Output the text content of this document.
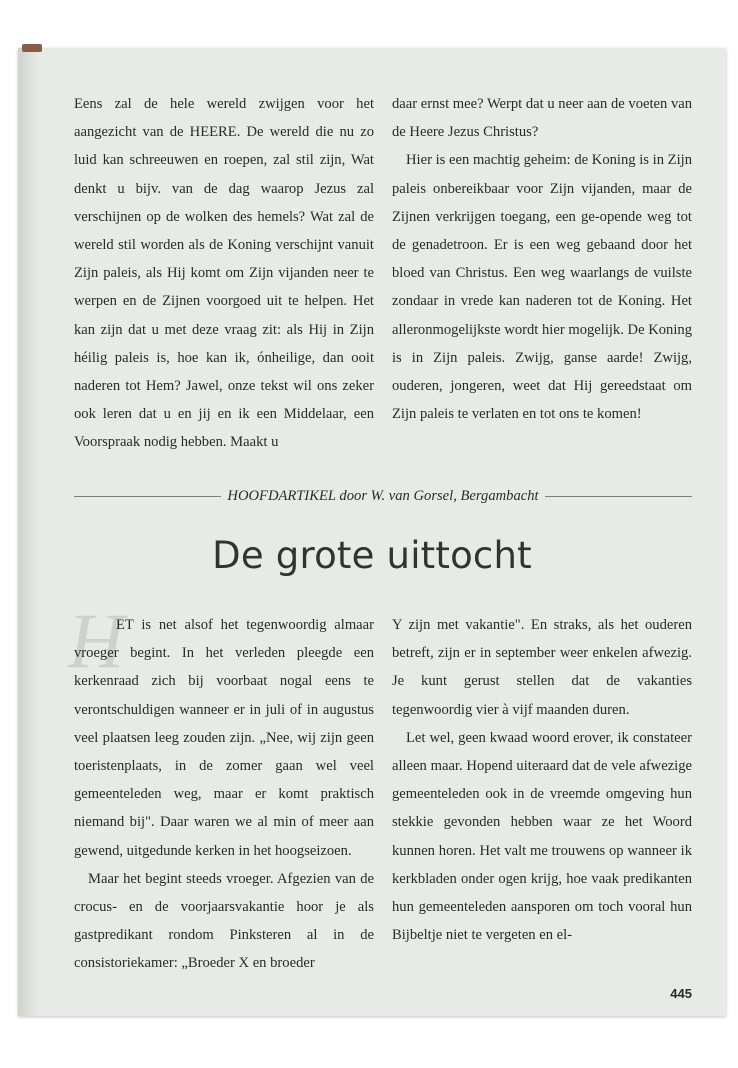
Eens zal de hele wereld zwijgen voor het aangezicht van de HEERE. De wereld die nu zo luid kan schreeuwen en roepen, zal stil zijn, Wat denkt u bijv. van de dag waarop Jezus zal verschijnen op de wolken des hemels? Wat zal de wereld stil worden als de Koning verschijnt vanuit Zijn paleis, als Hij komt om Zijn vijanden neer te werpen en de Zijnen voorgoed uit te helpen. Het kan zijn dat u met deze vraag zit: als Hij in Zijn héilig paleis is, hoe kan ik, ónheilige, dan ooit naderen tot Hem? Jawel, onze tekst wil ons zeker ook leren dat u en jij en ik een Middelaar, een Voorspraak nodig hebben. Maakt u

daar ernst mee? Werpt dat u neer aan de voeten van de Heere Jezus Christus?

Hier is een machtig geheim: de Koning is in Zijn paleis onbereikbaar voor Zijn vijanden, maar de Zijnen verkrijgen toegang, een ge-opende weg tot de genadetroon. Er is een weg gebaand door het bloed van Christus. Een weg waarlangs de vuilste zondaar in vrede kan naderen tot de Koning. Het alleronmogelijkste wordt hier mogelijk. De Koning is in Zijn paleis. Zwijg, ganse aarde! Zwijg, ouderen, jongeren, weet dat Hij gereedstaat om Zijn paleis te verlaten en tot ons te komen!

HOOFDARTIKEL door W. van Gorsel, Bergambacht
De grote uittocht
H

ET is net alsof het tegenwoordig almaar vroeger begint. In het verleden pleegde een kerkenraad zich bij voorbaat nogal eens te verontschuldigen wanneer er in juli of in augustus veel plaatsen leeg zouden zijn. „Nee, wij zijn geen toeristenplaats, in de zomer gaan wel veel gemeenteleden weg, maar er komt praktisch niemand bij". Daar waren we al min of meer aan gewend, uitgedunde kerken in het hoogseizoen.

Maar het begint steeds vroeger. Afgezien van de crocus- en de voorjaarsvakantie hoor je als gastpredikant rondom Pinksteren al in de consistoriekamer: „Broeder X en broeder

Y zijn met vakantie". En straks, als het ouderen betreft, zijn er in september weer enkelen afwezig. Je kunt gerust stellen dat de vakanties tegenwoordig vier à vijf maanden duren.

Let wel, geen kwaad woord erover, ik constateer alleen maar. Hopend uiteraard dat de vele afwezige gemeenteleden ook in de vreemde omgeving hun stekkie gevonden hebben waar ze het Woord kunnen horen. Het valt me trouwens op wanneer ik kerkbladen onder ogen krijg, hoe vaak predikanten hun gemeenteleden aansporen om toch vooral hun Bijbeltje niet te vergeten en el-

445
